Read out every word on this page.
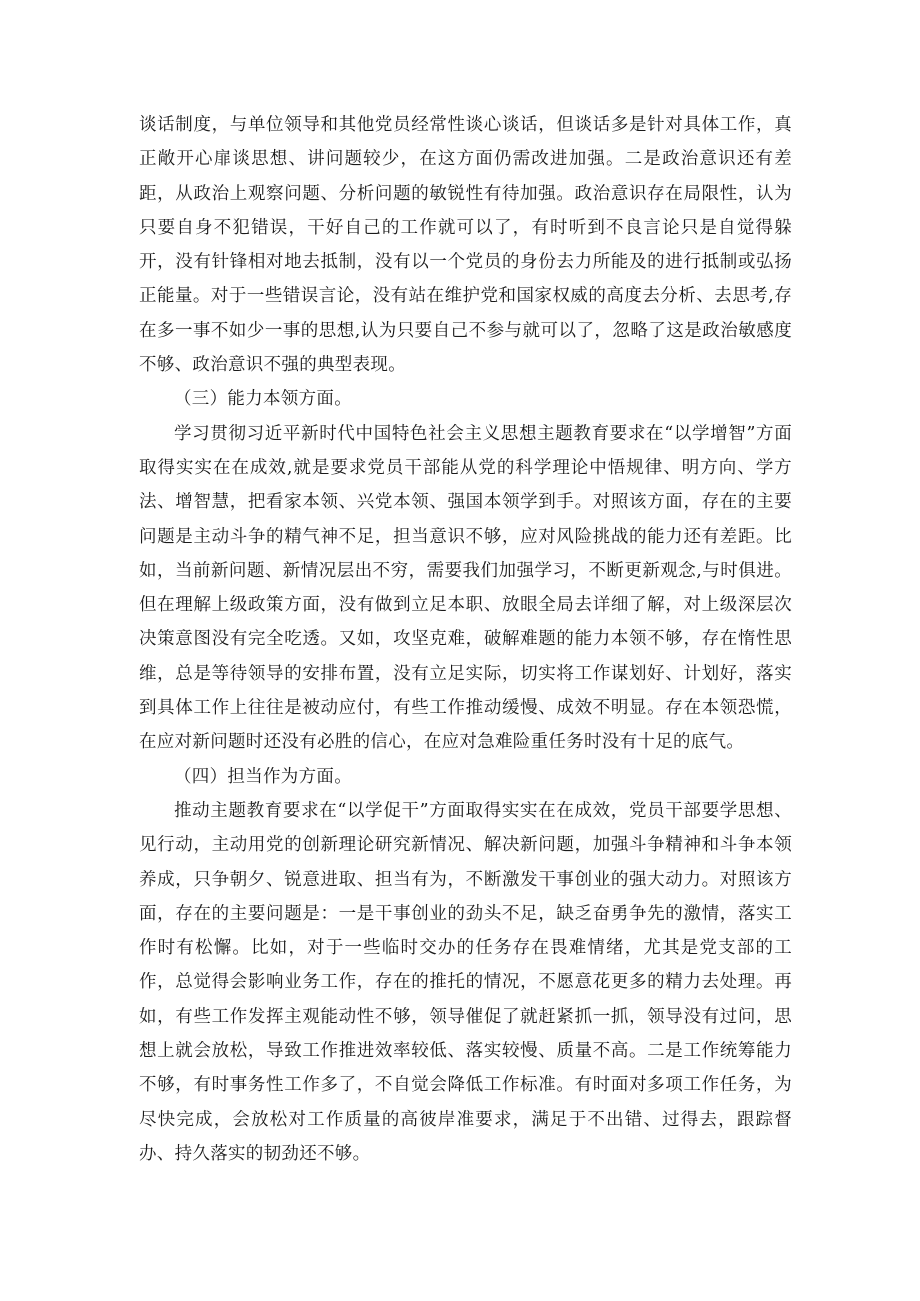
谈话制度，与单位领导和其他党员经常性谈心谈话，但谈话多是针对具体工作，真正敞开心扉谈思想、讲问题较少，在这方面仍需改进加强。二是政治意识还有差距，从政治上观察问题、分析问题的敏锐性有待加强。政治意识存在局限性，认为只要自身不犯错误，干好自己的工作就可以了，有时听到不良言论只是自觉得躲开，没有针锋相对地去抵制，没有以一个党员的身份去力所能及的进行抵制或弘扬正能量。对于一些错误言论，没有站在维护党和国家权威的高度去分析、去思考,存在多一事不如少一事的思想,认为只要自己不参与就可以了，忽略了这是政治敏感度不够、政治意识不强的典型表现。

（三）能力本领方面。

学习贯彻习近平新时代中国特色社会主义思想主题教育要求在“以学增智”方面取得实实在在成效,就是要求党员干部能从党的科学理论中悟规律、明方向、学方法、增智慧，把看家本领、兴党本领、强国本领学到手。对照该方面，存在的主要问题是主动斗争的精气神不足，担当意识不够，应对风险挑战的能力还有差距。比如，当前新问题、新情况层出不穷，需要我们加强学习，不断更新观念,与时俱进。但在理解上级政策方面，没有做到立足本职、放眼全局去详细了解，对上级深层次决策意图没有完全吃透。又如，攻坚克难，破解难题的能力本领不够，存在惰性思维，总是等待领导的安排布置，没有立足实际，切实将工作谋划好、计划好，落实到具体工作上往往是被动应付，有些工作推动缓慢、成效不明显。存在本领恐慌，在应对新问题时还没有必胜的信心，在应对急难险重任务时没有十足的底气。

（四）担当作为方面。

推动主题教育要求在“以学促干”方面取得实实在在成效，党员干部要学思想、见行动，主动用党的创新理论研究新情况、解决新问题，加强斗争精神和斗争本领养成，只争朝夕、锐意进取、担当有为，不断激发干事创业的强大动力。对照该方面，存在的主要问题是：一是干事创业的劲头不足，缺乏奋勇争先的激情，落实工作时有松懈。比如，对于一些临时交办的任务存在畏难情绪，尤其是党支部的工作，总觉得会影响业务工作，存在的推托的情况，不愿意花更多的精力去处理。再如，有些工作发挥主观能动性不够，领导催促了就赶紧抓一抓，领导没有过问，思想上就会放松，导致工作推进效率较低、落实较慢、质量不高。二是工作统筹能力不够，有时事务性工作多了，不自觉会降低工作标准。有时面对多项工作任务，为尽快完成，会放松对工作质量的高彼岸准要求，满足于不出错、过得去，跟踪督办、持久落实的韧劲还不够。
